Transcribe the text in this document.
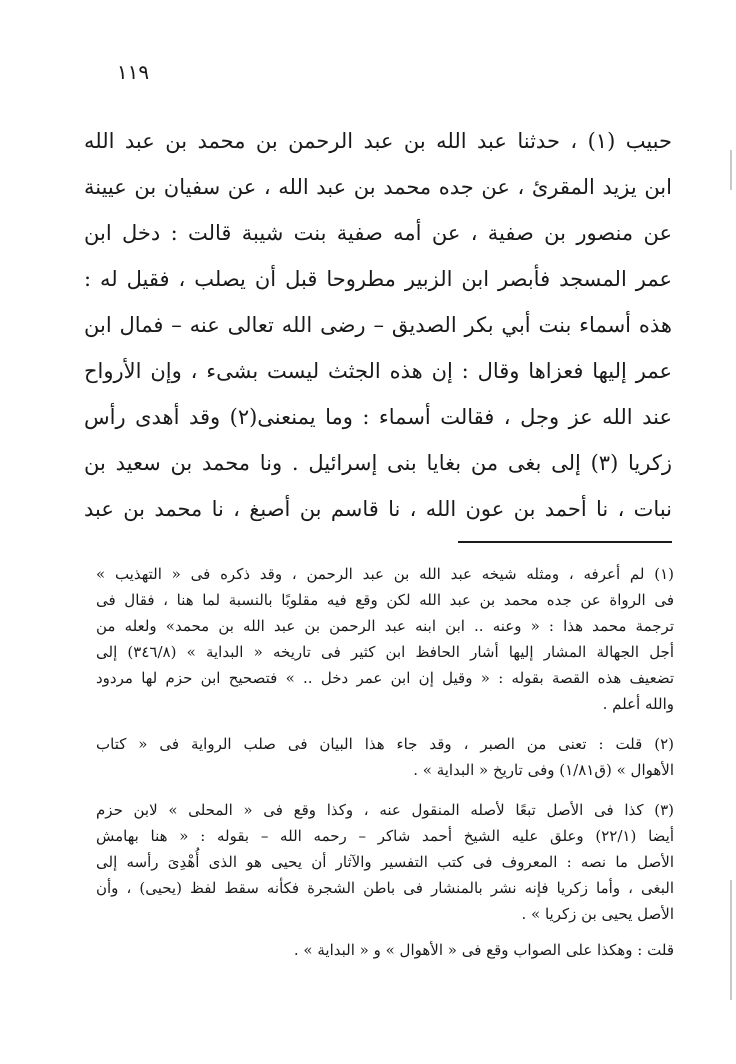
١١٩
حبيب (١) ، حدثنا عبد الله بن عبد الرحمن بن محمد بن عبد الله
ابن يزيد المقرئ ، عن جده محمد بن عبد الله ، عن سفيان بن عيينة
عن منصور بن صفية ، عن أمه صفية بنت شيبة قالت : دخل ابن
عمر المسجد فأبصر ابن الزبير مطروحا قبل أن يصلب ، فقيل له :
هذه أسماء بنت أبي بكر الصديق – رضى الله تعالى عنه – فمال ابن
عمر إليها فعزاها وقال : إن هذه الجثث ليست بشىء ، وإن الأرواح
عند الله عز وجل ، فقالت أسماء : وما يمنعنى(٢) وقد أهدى رأس
زكريا (٣) إلى بغى من بغايا بنى إسرائيل . ونا محمد بن سعيد بن
نبات ، نا أحمد بن عون الله ، نا قاسم بن أصبغ ، نا محمد بن عبد
(١) لم أعرفه ، ومثله شيخه عبد الله بن عبد الرحمن ، وقد ذكره فى « التهذيب »
فى الرواة عن جده محمد بن عبد الله لكن وقع فيه مقلوبًا بالنسبة لما هنا ، فقال فى
ترجمة محمد هذا : « وعنه .. ابن ابنه عبد الرحمن بن عبد الله بن محمد» ولعله من
أجل الجهالة المشار إليها أشار الحافظ ابن كثير فى تاريخه « البداية » (٣٤٦/٨) إلى
تضعيف هذه القصة بقوله : « وقيل إن ابن عمر دخل .. » فتصحيح ابن حزم لها مردود
والله أعلم .
(٢) قلت : تعنى من الصبر ، وقد جاء هذا البيان فى صلب الرواية فى « كتاب
الأهوال » (ق١/٨١) وفى تاريخ « البداية » .
(٣) كذا فى الأصل تبعًا لأصله المنقول عنه ، وكذا وقع فى « المحلى » لابن حزم
أيضا (٢٢/١) وعلق عليه الشيخ أحمد شاكر – رحمه الله – بقوله : « هنا بهامش
الأصل ما نصه : المعروف فى كتب التفسير والآثار أن يحيى هو الذى أُهْدِىَ رأسه إلى
البغى ، وأما زكريا فإنه نشر بالمنشار فى باطن الشجرة فكأنه سقط لفظ (يحيى) ، وأن
الأصل يحيى بن زكريا » .
قلت : وهكذا على الصواب وقع فى « الأهوال » و « البداية » .
